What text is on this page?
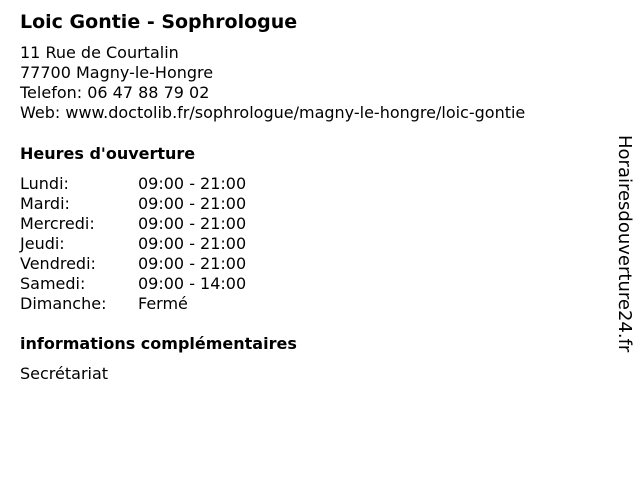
Loic Gontie - Sophrologue
11 Rue de Courtalin
77700 Magny-le-Hongre
Telefon: 06 47 88 79 02
Web: www.doctolib.fr/sophrologue/magny-le-hongre/loic-gontie
Heures d'ouverture
Lundi:	09:00 - 21:00
Mardi:	09:00 - 21:00
Mercredi:	09:00 - 21:00
Jeudi:	09:00 - 21:00
Vendredi:	09:00 - 21:00
Samedi:	09:00 - 14:00
Dimanche: Fermé
informations complémentaires
Secrétariat
Horairesdouverture24.fr
